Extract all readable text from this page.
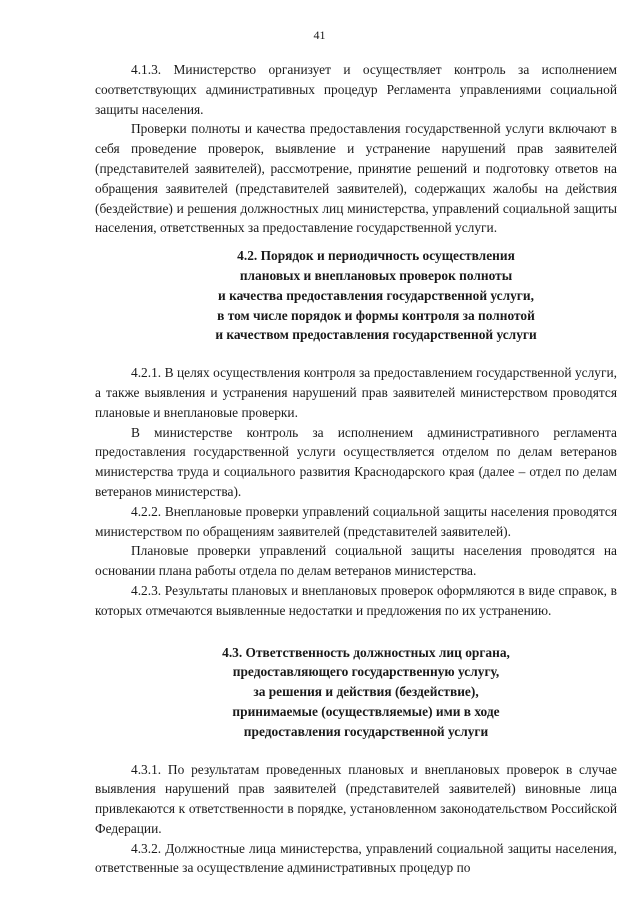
41

4.1.3. Министерство организует и осуществляет контроль за исполнением соответствующих административных процедур Регламента управлениями социальной защиты населения.

Проверки полноты и качества предоставления государственной услуги включают в себя проведение проверок, выявление и устранение нарушений прав заявителей (представителей заявителей), рассмотрение, принятие решений и подготовку ответов на обращения заявителей (представителей заявителей), содержащих жалобы на действия (бездействие) и решения должностных лиц министерства, управлений социальной защиты населения, ответственных за предоставление государственной услуги.

4.2. Порядок и периодичность осуществления
плановых и внеплановых проверок полноты
и качества предоставления государственной услуги,
в том числе порядок и формы контроля за полнотой
и качеством предоставления государственной услуги

4.2.1. В целях осуществления контроля за предоставлением государственной услуги, а также выявления и устранения нарушений прав заявителей министерством проводятся плановые и внеплановые проверки.

В министерстве контроль за исполнением административного регламента предоставления государственной услуги осуществляется отделом по делам ветеранов министерства труда и социального развития Краснодарского края (далее – отдел по делам ветеранов министерства).

4.2.2. Внеплановые проверки управлений социальной защиты населения проводятся министерством по обращениям заявителей (представителей заявителей).

Плановые проверки управлений социальной защиты населения проводятся на основании плана работы отдела по делам ветеранов министерства.

4.2.3. Результаты плановых и внеплановых проверок оформляются в виде справок, в которых отмечаются выявленные недостатки и предложения по их устранению.

4.3. Ответственность должностных лиц органа,
предоставляющего государственную услугу,
за решения и действия (бездействие),
принимаемые (осуществляемые) ими в ходе
предоставления государственной услуги

4.3.1. По результатам проведенных плановых и внеплановых проверок в случае выявления нарушений прав заявителей (представителей заявителей) виновные лица привлекаются к ответственности в порядке, установленном законодательством Российской Федерации.

4.3.2. Должностные лица министерства, управлений социальной защиты населения, ответственные за осуществление административных процедур по
